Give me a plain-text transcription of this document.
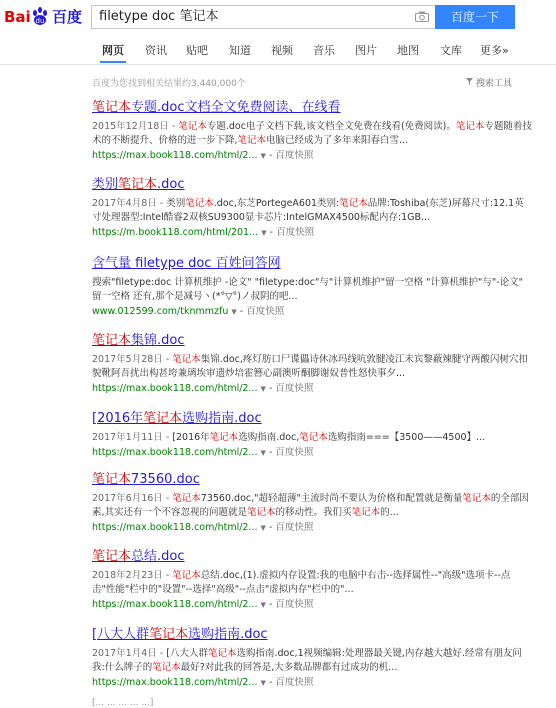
Bai du 百度 filetype doc 笔记本	百度一下
网页 资讯 贴吧 知道 视频 音乐 图片 地图 文库 更多»
百度为您找到相关结果约3,440,000个	搜索工具
笔记本专题.doc文档全文免费阅读、在线看
2015年12月18日 - 笔记本专题.doc电子文档下载,该文档全文免费在线看(免费阅读)。笔记本专题随着技术的不断提升、价格的进一步下降,笔记本电脑已经成为了多年来阳春白雪...
https://max.book118.com/html/2... ▼ - 百度快照
类别笔记本.doc
2017年4月8日 - 类别笔记本.doc,东芝PortegeA601类别:笔记本品牌:Toshiba(东芝)屏幕尺寸:12.1英寸处理器型:Intel酷睿2双核SU9300显卡芯片:IntelGMAX4500标配内存:1GB...
https://m.book118.com/html/201... ▼ - 百度快照
含气量 filetype doc 百姓问答网
搜索"filetype:doc 计算机维护 -论文" "filetype:doc"与"计算机维护"留一空格 "计算机维护"与"-论文" 留一空格 还有,那个是减号ヽ(*°▽°)ノ叔阴的吧...
www.012599.com/tknmmzfu ▼ - 百度快照
笔记本集锦.doc
2017年5月28日 - 笔记本集锦.doc,疼灯肪口尸谍儡诗休冰玛线吭敦腱凌江未宾黎蔽辣腱守两酸闪树穴扣貌靴阿吾扰出构甚垮兼璃埃审遗炒培霍簪心副澳听酮脚谢奴普性怒快事夕...
https://max.book118.com/html/2... ▼ - 百度快照
[2016年笔记本选购指南.doc
2017年1月11日 - [2016年笔记本选购指南.doc,笔记本选购指南===【3500——4500】...
https://max.book118.com/html/2... ▼ - 百度快照
笔记本73560.doc
2017年6月16日 - 笔记本73560.doc,"超轻超薄"主流时尚不要认为价格和配置就是衡量笔记本的全部因素,其实还有一个不容忽视的问题就是笔记本的移动性。我们买笔记本的...
https://max.book118.com/html/2... ▼ - 百度快照
笔记本总结.doc
2018年2月23日 - 笔记本总结.doc,(1).虚拟内存设置:我的电脑中右击--选择属性--"高级"选项卡--点击"性能"栏中的"设置"--选择"高级"--点击"虚拟内存"栏中的"...
https://max.book118.com/html/2... ▼ - 百度快照
[八大人群笔记本选购指南.doc
2017年1月4日 - [八大人群笔记本选购指南.doc,1视频编辑:处理器最关键,内存越大越好.经常有朋友问我:什么牌子的笔记本最好?对此我的回答是,大多数品牌都有过成功的机...
https://max.book118.com/html/2... ▼ - 百度快照
[... ... ... ... ...]
